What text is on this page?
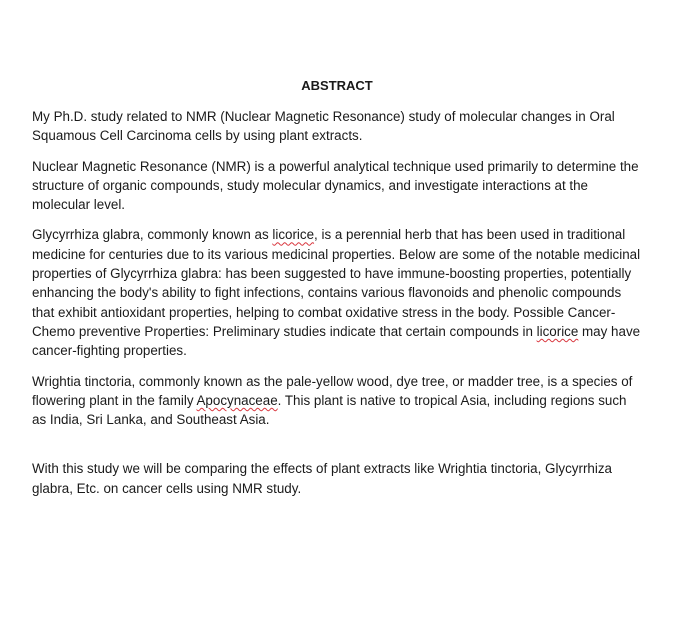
ABSTRACT

My Ph.D. study related to NMR (Nuclear Magnetic Resonance) study of molecular changes in Oral Squamous Cell Carcinoma cells by using plant extracts.

Nuclear Magnetic Resonance (NMR) is a powerful analytical technique used primarily to determine the structure of organic compounds, study molecular dynamics, and investigate interactions at the molecular level.

Glycyrrhiza glabra, commonly known as licorice, is a perennial herb that has been used in traditional medicine for centuries due to its various medicinal properties. Below are some of the notable medicinal properties of Glycyrrhiza glabra: has been suggested to have immune-boosting properties, potentially enhancing the body's ability to fight infections, contains various flavonoids and phenolic compounds that exhibit antioxidant properties, helping to combat oxidative stress in the body. Possible Cancer-Chemo preventive Properties: Preliminary studies indicate that certain compounds in licorice may have cancer-fighting properties.

Wrightia tinctoria, commonly known as the pale-yellow wood, dye tree, or madder tree, is a species of flowering plant in the family Apocynaceae. This plant is native to tropical Asia, including regions such as India, Sri Lanka, and Southeast Asia.

With this study we will be comparing the effects of plant extracts like Wrightia tinctoria, Glycyrrhiza glabra, Etc. on cancer cells using NMR study.
